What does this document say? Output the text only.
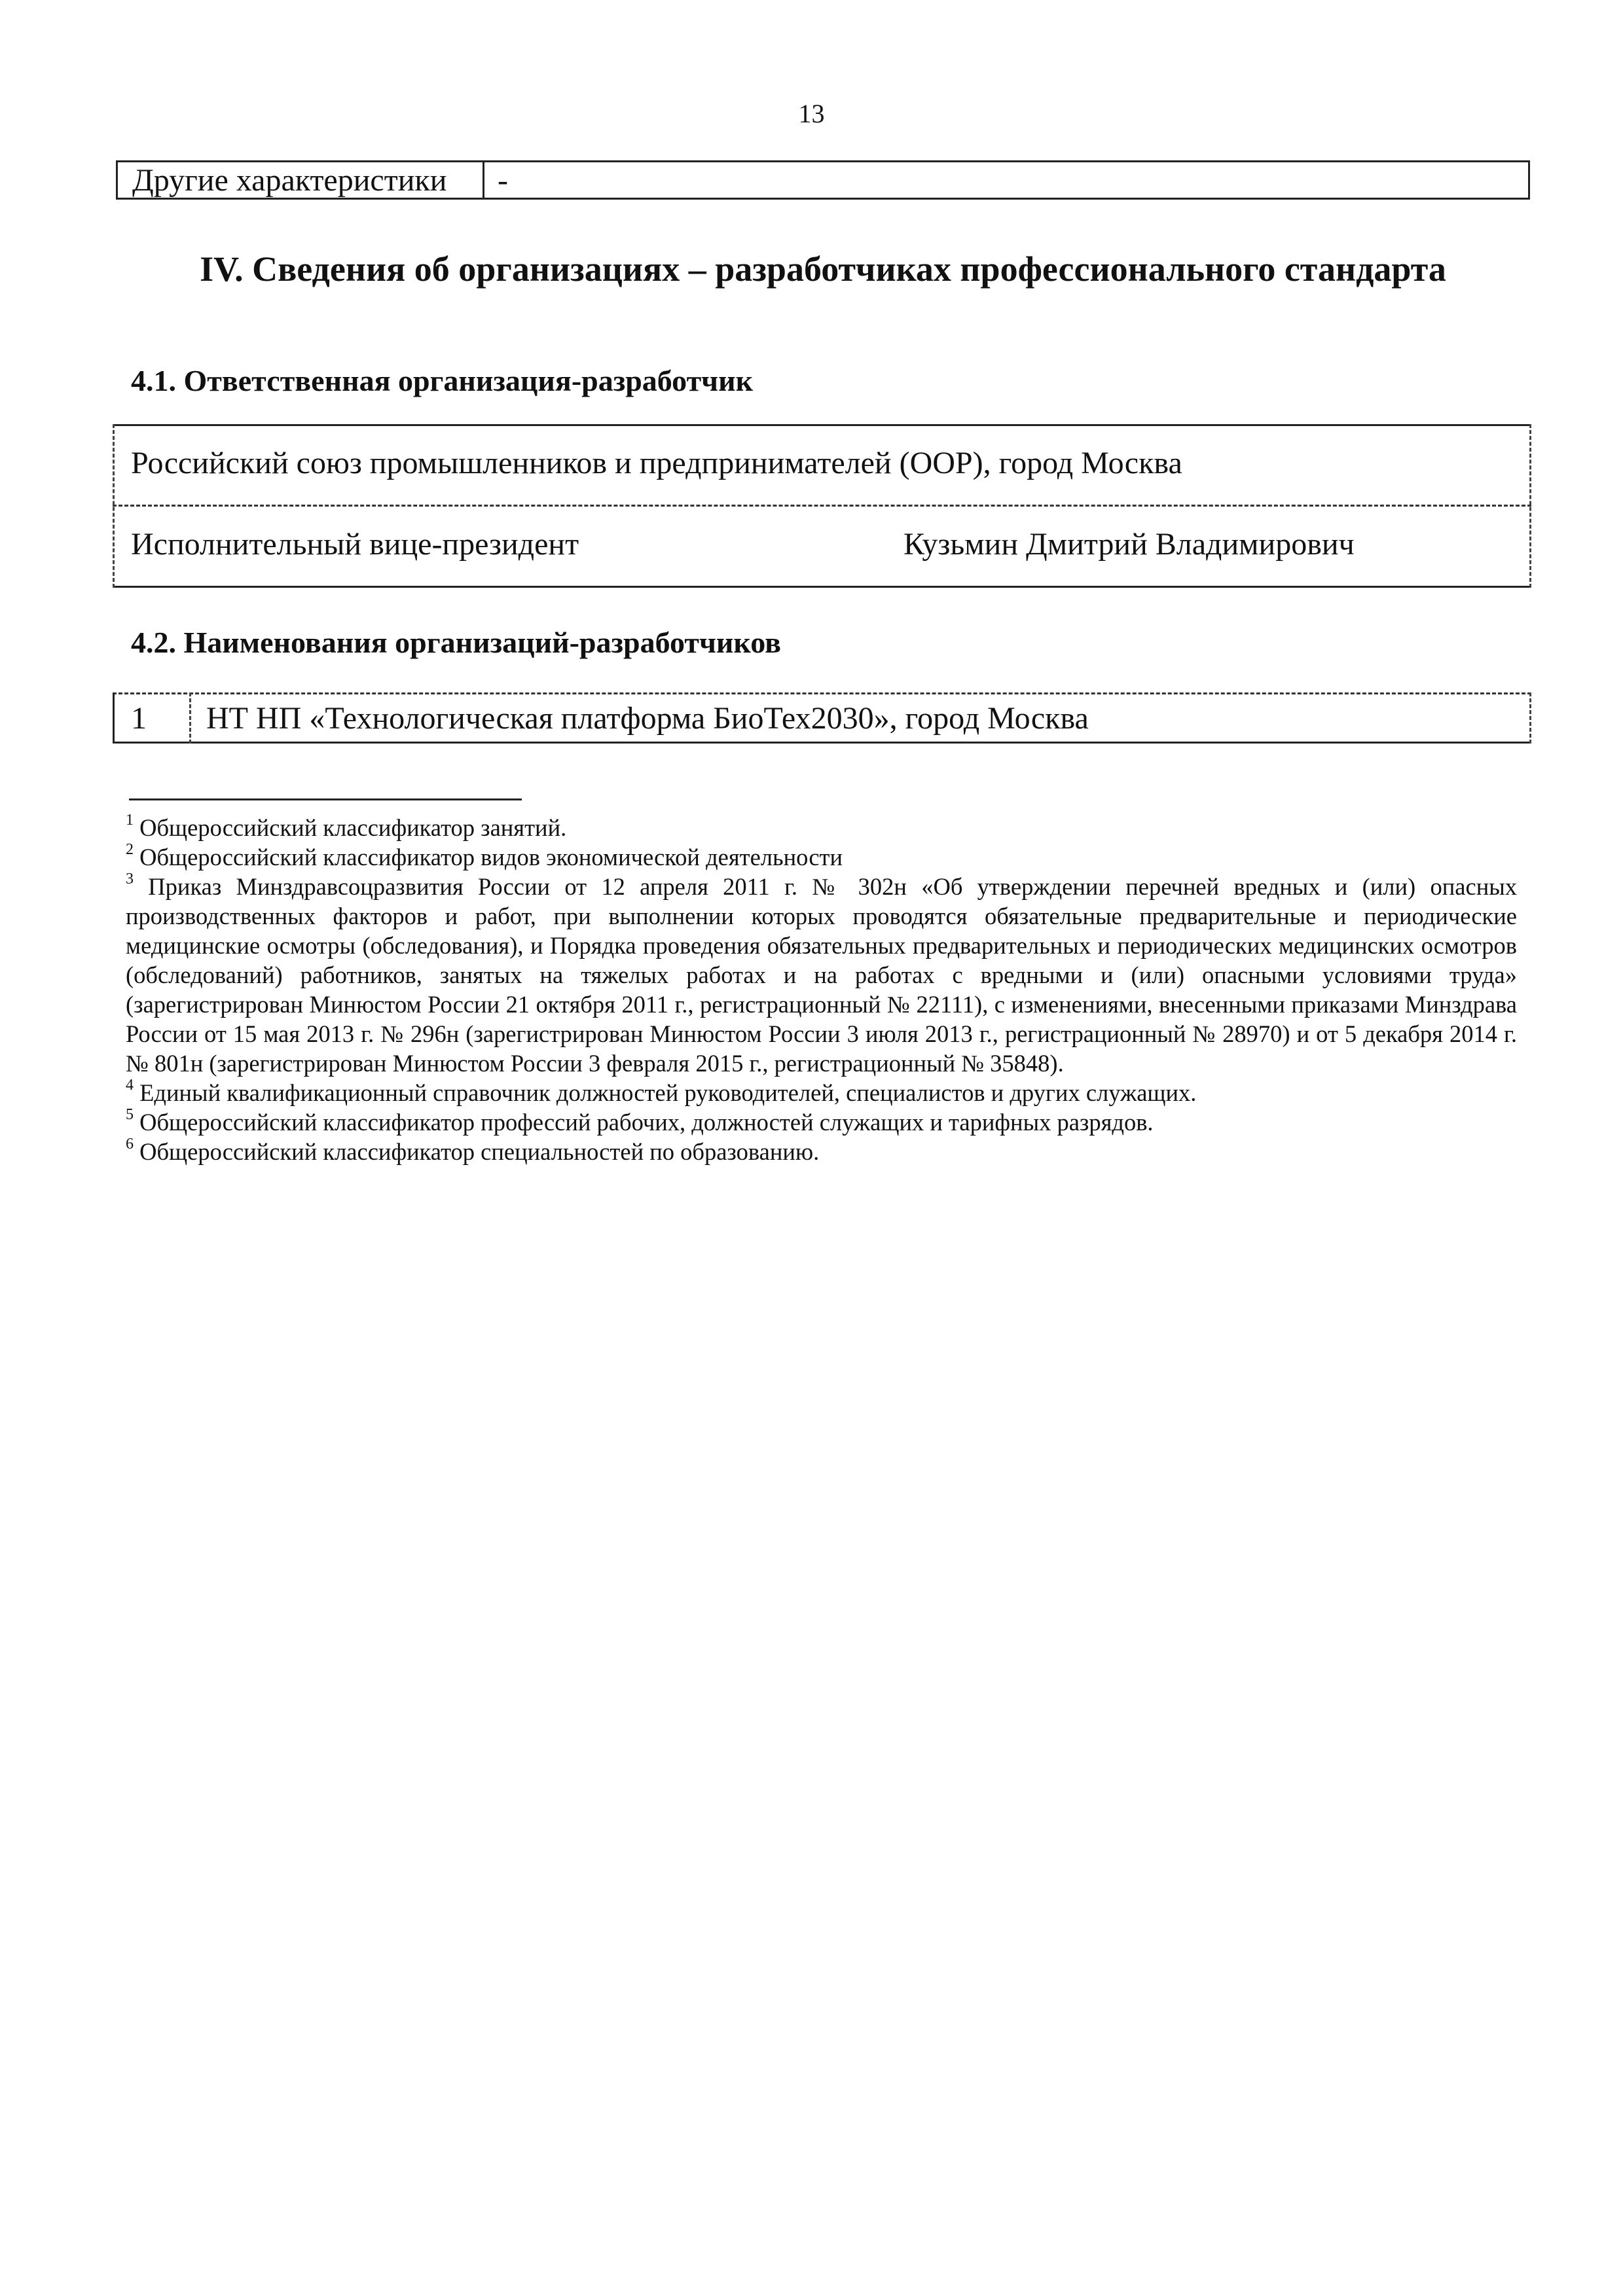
13
Другие характеристики	-
IV. Сведения об организациях – разработчиках профессионального стандарта
4.1. Ответственная организация-разработчик
Российский союз промышленников и предпринимателей (ООР), город Москва
Исполнительный вице-президент	Кузьмин Дмитрий Владимирович
4.2. Наименования организаций-разработчиков
1 НТ НП «Технологическая платформа БиоТех2030», город Москва

$^1$ Общероссийский классификатор занятий.

$^2$ Общероссийский классификатор видов экономической деятельности

$^3$ Приказ Минздравсоцразвития России от 12 апреля 2011 г. № 302н «Об утверждении перечней вредных и (или) опасных производственных факторов и работ, при выполнении которых проводятся обязательные предварительные и периодические медицинские осмотры (обследования), и Порядка проведения обязательных предварительных и периодических медицинских осмотров (обследований) работников, занятых на тяжелых работах и на работах с вредными и (или) опасными условиями труда» (зарегистрирован Минюстом России 21 октября 2011 г., регистрационный № 22111), с изменениями, внесенными приказами Минздрава России от 15 мая 2013 г. № 296н (зарегистрирован Минюстом России 3 июля 2013 г., регистрационный № 28970) и от 5 декабря 2014 г. № 801н (зарегистрирован Минюстом России 3 февраля 2015 г., регистрационный № 35848).

$^4$ Единый квалификационный справочник должностей руководителей, специалистов и других служащих.

$^5$ Общероссийский классификатор профессий рабочих, должностей служащих и тарифных разрядов.

$^6$ Общероссийский классификатор специальностей по образованию.
